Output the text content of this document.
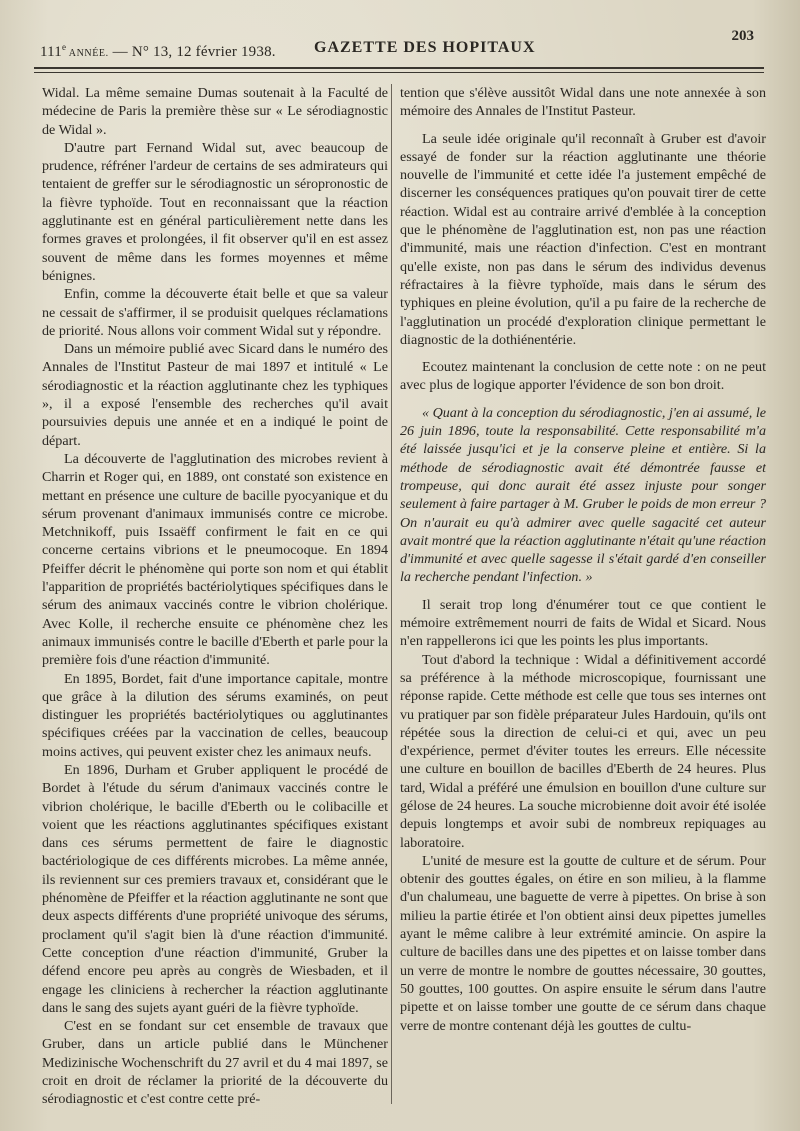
111e ANNÉE. — N° 13, 12 février 1938. GAZETTE DES HOPITAUX
203

Widal. La même semaine Dumas soutenait à la Faculté de médecine de Paris la première thèse sur « Le sérodiagnostic de Widal ».

D'autre part Fernand Widal sut, avec beaucoup de prudence, réfréner l'ardeur de certains de ses admirateurs qui tentaient de greffer sur le sérodiagnostic un séropronostic de la fièvre typhoïde. Tout en reconnaissant que la réaction agglutinante est en général particulièrement nette dans les formes graves et prolongées, il fit observer qu'il en est assez souvent de même dans les formes moyennes et même bénignes.

Enfin, comme la découverte était belle et que sa valeur ne cessait de s'affirmer, il se produisit quelques réclamations de priorité. Nous allons voir comment Widal sut y répondre.

Dans un mémoire publié avec Sicard dans le numéro des Annales de l'Institut Pasteur de mai 1897 et intitulé « Le sérodiagnostic et la réaction agglutinante chez les typhiques », il a exposé l'ensemble des recherches qu'il avait poursuivies depuis une année et en a indiqué le point de départ.

La découverte de l'agglutination des microbes revient à Charrin et Roger qui, en 1889, ont constaté son existence en mettant en présence une culture de bacille pyocyanique et du sérum provenant d'animaux immunisés contre ce microbe. Metchnikoff, puis Issaëff confirment le fait en ce qui concerne certains vibrions et le pneumocoque. En 1894 Pfeiffer décrit le phénomène qui porte son nom et qui établit l'apparition de propriétés bactériolytiques spécifiques dans le sérum des animaux vaccinés contre le vibrion cholérique. Avec Kolle, il recherche ensuite ce phénomène chez les animaux immunisés contre le bacille d'Eberth et parle pour la première fois d'une réaction d'immunité.

En 1895, Bordet, fait d'une importance capitale, montre que grâce à la dilution des sérums examinés, on peut distinguer les propriétés bactériolytiques ou agglutinantes spécifiques créées par la vaccination de celles, beaucoup moins actives, qui peuvent exister chez les animaux neufs.

En 1896, Durham et Gruber appliquent le procédé de Bordet à l'étude du sérum d'animaux vaccinés contre le vibrion cholérique, le bacille d'Eberth ou le colibacille et voient que les réactions agglutinantes spécifiques existant dans ces sérums permettent de faire le diagnostic bactériologique de ces différents microbes. La même année, ils reviennent sur ces premiers travaux et, considérant que le phénomène de Pfeiffer et la réaction agglutinante ne sont que deux aspects différents d'une propriété univoque des sérums, proclament qu'il s'agit bien là d'une réaction d'immunité. Cette conception d'une réaction d'immunité, Gruber la défend encore peu après au congrès de Wiesbaden, et il engage les cliniciens à rechercher la réaction agglutinante dans le sang des sujets ayant guéri de la fièvre typhoïde.

C'est en se fondant sur cet ensemble de travaux que Gruber, dans un article publié dans le Münchener Medizinische Wochenschrift du 27 avril et du 4 mai 1897, se croit en droit de réclamer la priorité de la découverte du sérodiagnostic et c'est contre cette pré-

tention que s'élève aussitôt Widal dans une note annexée à son mémoire des Annales de l'Institut Pasteur.

La seule idée originale qu'il reconnaît à Gruber est d'avoir essayé de fonder sur la réaction agglutinante une théorie nouvelle de l'immunité et cette idée l'a justement empêché de discerner les conséquences pratiques qu'on pouvait tirer de cette réaction. Widal est au contraire arrivé d'emblée à la conception que le phénomène de l'agglutination est, non pas une réaction d'immunité, mais une réaction d'infection. C'est en montrant qu'elle existe, non pas dans le sérum des individus devenus réfractaires à la fièvre typhoïde, mais dans le sérum des typhiques en pleine évolution, qu'il a pu faire de la recherche de l'agglutination un procédé d'exploration clinique permettant le diagnostic de la dothiénentérie.

Ecoutez maintenant la conclusion de cette note : on ne peut avec plus de logique apporter l'évidence de son bon droit.

« Quant à la conception du sérodiagnostic, j'en ai assumé, le 26 juin 1896, toute la responsabilité. Cette responsabilité m'a été laissée jusqu'ici et je la conserve pleine et entière. Si la méthode de sérodiagnostic avait été démontrée fausse et trompeuse, qui donc aurait été assez injuste pour songer seulement à faire partager à M. Gruber le poids de mon erreur ? On n'aurait eu qu'à admirer avec quelle sagacité cet auteur avait montré que la réaction agglutinante n'était qu'une réaction d'immunité et avec quelle sagesse il s'était gardé d'en conseiller la recherche pendant l'infection. »

Il serait trop long d'énumérer tout ce que contient le mémoire extrêmement nourri de faits de Widal et Sicard. Nous n'en rappellerons ici que les points les plus importants.

Tout d'abord la technique : Widal a définitivement accordé sa préférence à la méthode microscopique, fournissant une réponse rapide. Cette méthode est celle que tous ses internes ont vu pratiquer par son fidèle préparateur Jules Hardouin, qu'ils ont répétée sous la direction de celui-ci et qui, avec un peu d'expérience, permet d'éviter toutes les erreurs. Elle nécessite une culture en bouillon de bacilles d'Eberth de 24 heures. Plus tard, Widal a préféré une émulsion en bouillon d'une culture sur gélose de 24 heures. La souche microbienne doit avoir été isolée depuis longtemps et avoir subi de nombreux repiquages au laboratoire.

L'unité de mesure est la goutte de culture et de sérum. Pour obtenir des gouttes égales, on étire en son milieu, à la flamme d'un chalumeau, une baguette de verre à pipettes. On brise à son milieu la partie étirée et l'on obtient ainsi deux pipettes jumelles ayant le même calibre à leur extrémité amincie. On aspire la culture de bacilles dans une des pipettes et on laisse tomber dans un verre de montre le nombre de gouttes nécessaire, 30 gouttes, 50 gouttes, 100 gouttes. On aspire ensuite le sérum dans l'autre pipette et on laisse tomber une goutte de ce sérum dans chaque verre de montre contenant déjà les gouttes de cultu-
